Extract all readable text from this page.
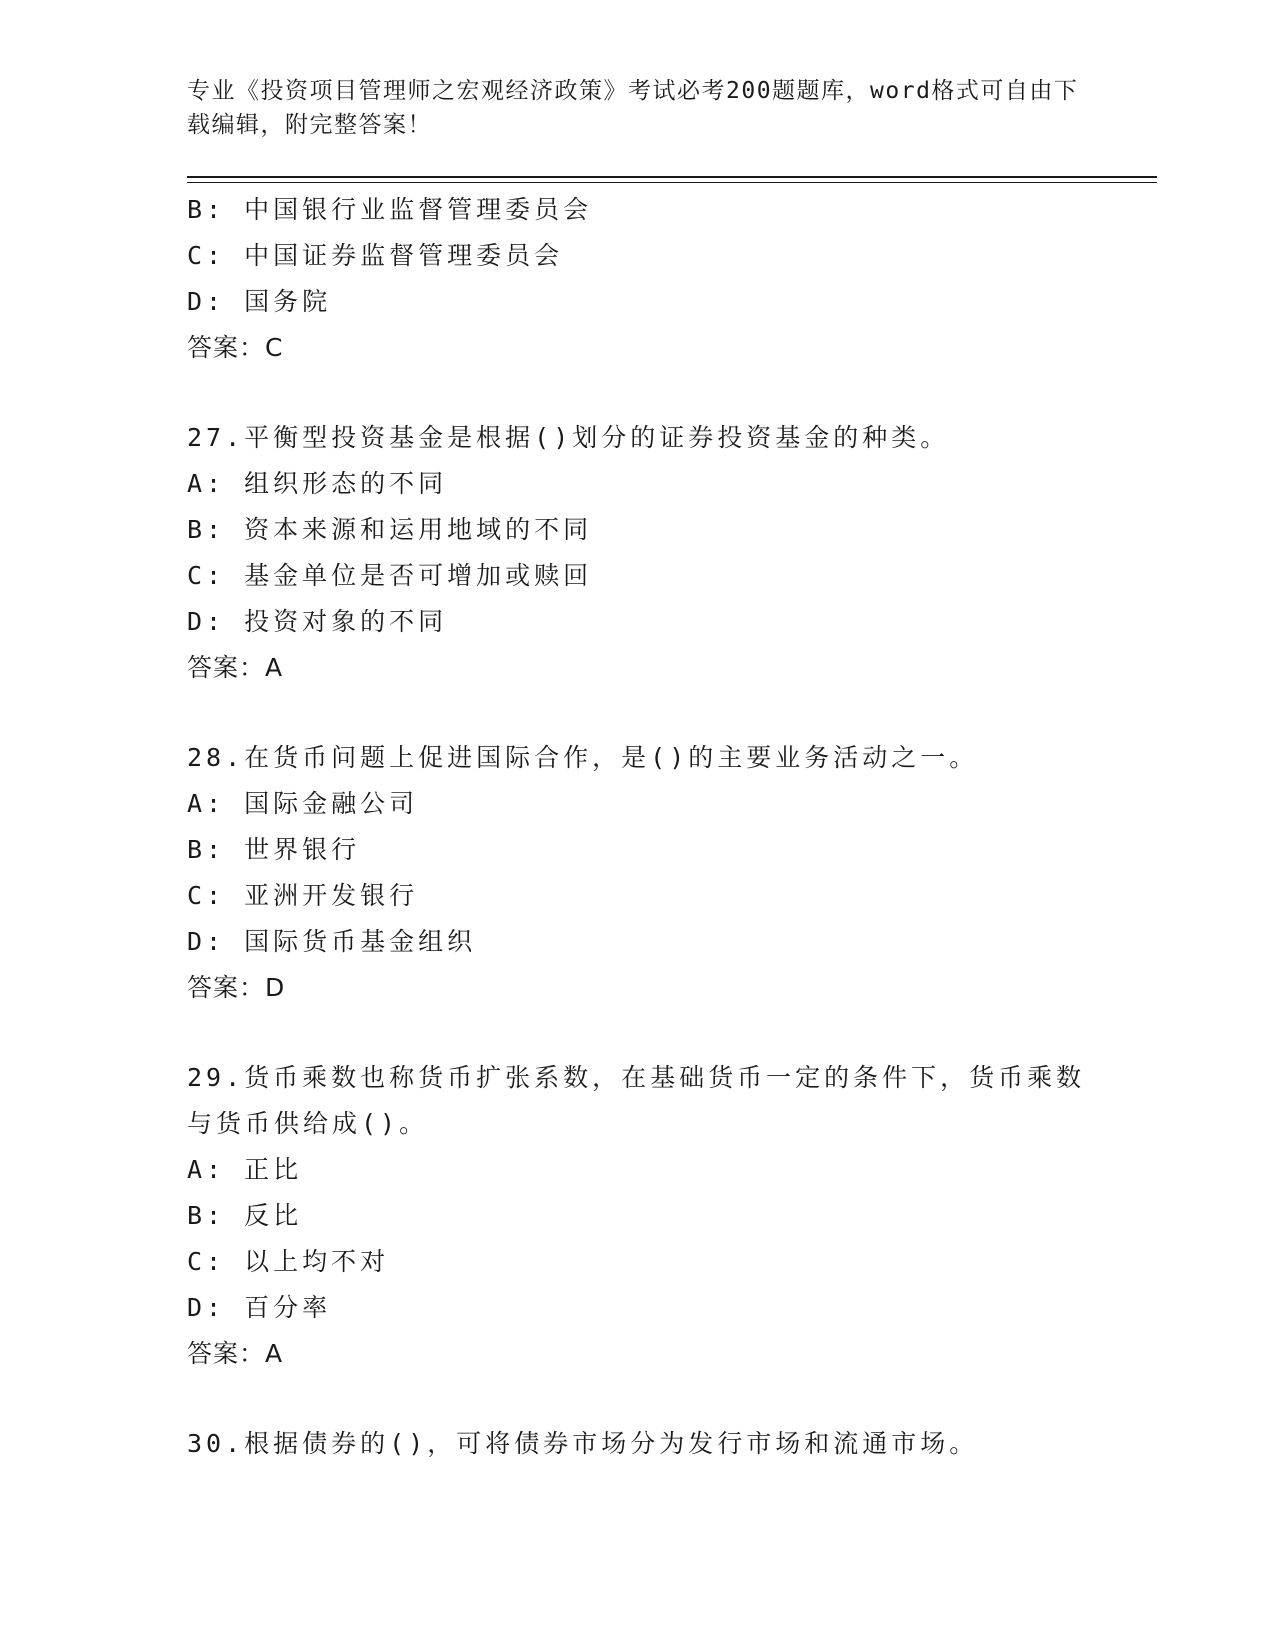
专业《投资项目管理师之宏观经济政策》考试必考200题题库，word格式可自由下载编辑，附完整答案！
B: 中国银行业监督管理委员会
C: 中国证券监督管理委员会
D: 国务院
答案：C
27.平衡型投资基金是根据()划分的证券投资基金的种类。
A: 组织形态的不同
B: 资本来源和运用地域的不同
C: 基金单位是否可增加或赎回
D: 投资对象的不同
答案：A
28.在货币问题上促进国际合作，是()的主要业务活动之一。
A: 国际金融公司
B: 世界银行
C: 亚洲开发银行
D: 国际货币基金组织
答案：D
29.货币乘数也称货币扩张系数，在基础货币一定的条件下，货币乘数与货币供给成()。
A: 正比
B: 反比
C: 以上均不对
D: 百分率
答案：A
30.根据债券的()，可将债券市场分为发行市场和流通市场。
